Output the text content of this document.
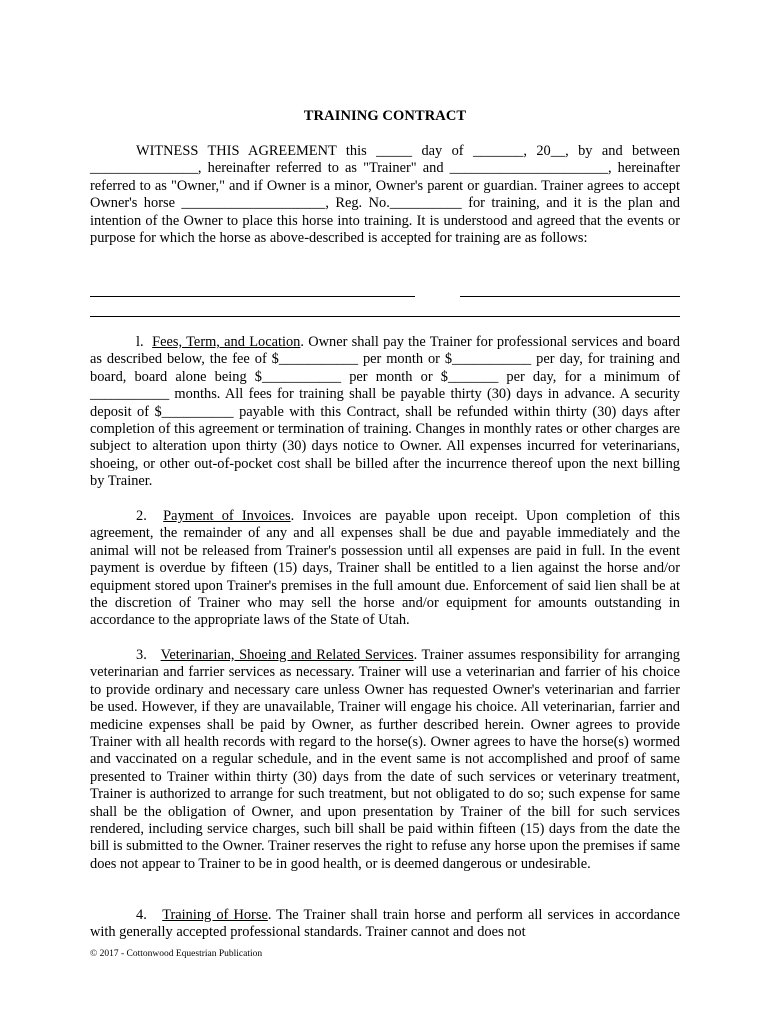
TRAINING CONTRACT
WITNESS THIS AGREEMENT this _____ day of _______, 20__, by and between _______________, hereinafter referred to as "Trainer" and ______________________, hereinafter referred to as "Owner," and if Owner is a minor, Owner's parent or guardian. Trainer agrees to accept Owner's horse ____________________, Reg. No.__________ for training, and it is the plan and intention of the Owner to place this horse into training. It is understood and agreed that the events or purpose for which the horse as above-described is accepted for training are as follows:
l. Fees, Term, and Location. Owner shall pay the Trainer for professional services and board as described below, the fee of $___________ per month or $___________ per day, for training and board, board alone being $___________ per month or $_______ per day, for a minimum of ___________ months. All fees for training shall be payable thirty (30) days in advance. A security deposit of $__________ payable with this Contract, shall be refunded within thirty (30) days after completion of this agreement or termination of training. Changes in monthly rates or other charges are subject to alteration upon thirty (30) days notice to Owner. All expenses incurred for veterinarians, shoeing, or other out-of-pocket cost shall be billed after the incurrence thereof upon the next billing by Trainer.
2. Payment of Invoices. Invoices are payable upon receipt. Upon completion of this agreement, the remainder of any and all expenses shall be due and payable immediately and the animal will not be released from Trainer's possession until all expenses are paid in full. In the event payment is overdue by fifteen (15) days, Trainer shall be entitled to a lien against the horse and/or equipment stored upon Trainer's premises in the full amount due. Enforcement of said lien shall be at the discretion of Trainer who may sell the horse and/or equipment for amounts outstanding in accordance to the appropriate laws of the State of Utah.
3. Veterinarian, Shoeing and Related Services. Trainer assumes responsibility for arranging veterinarian and farrier services as necessary. Trainer will use a veterinarian and farrier of his choice to provide ordinary and necessary care unless Owner has requested Owner's veterinarian and farrier be used. However, if they are unavailable, Trainer will engage his choice. All veterinarian, farrier and medicine expenses shall be paid by Owner, as further described herein. Owner agrees to provide Trainer with all health records with regard to the horse(s). Owner agrees to have the horse(s) wormed and vaccinated on a regular schedule, and in the event same is not accomplished and proof of same presented to Trainer within thirty (30) days from the date of such services or veterinary treatment, Trainer is authorized to arrange for such treatment, but not obligated to do so; such expense for same shall be the obligation of Owner, and upon presentation by Trainer of the bill for such services rendered, including service charges, such bill shall be paid within fifteen (15) days from the date the bill is submitted to the Owner. Trainer reserves the right to refuse any horse upon the premises if same does not appear to Trainer to be in good health, or is deemed dangerous or undesirable.
4. Training of Horse. The Trainer shall train horse and perform all services in accordance with generally accepted professional standards. Trainer cannot and does not
© 2017 - Cottonwood Equestrian Publication
